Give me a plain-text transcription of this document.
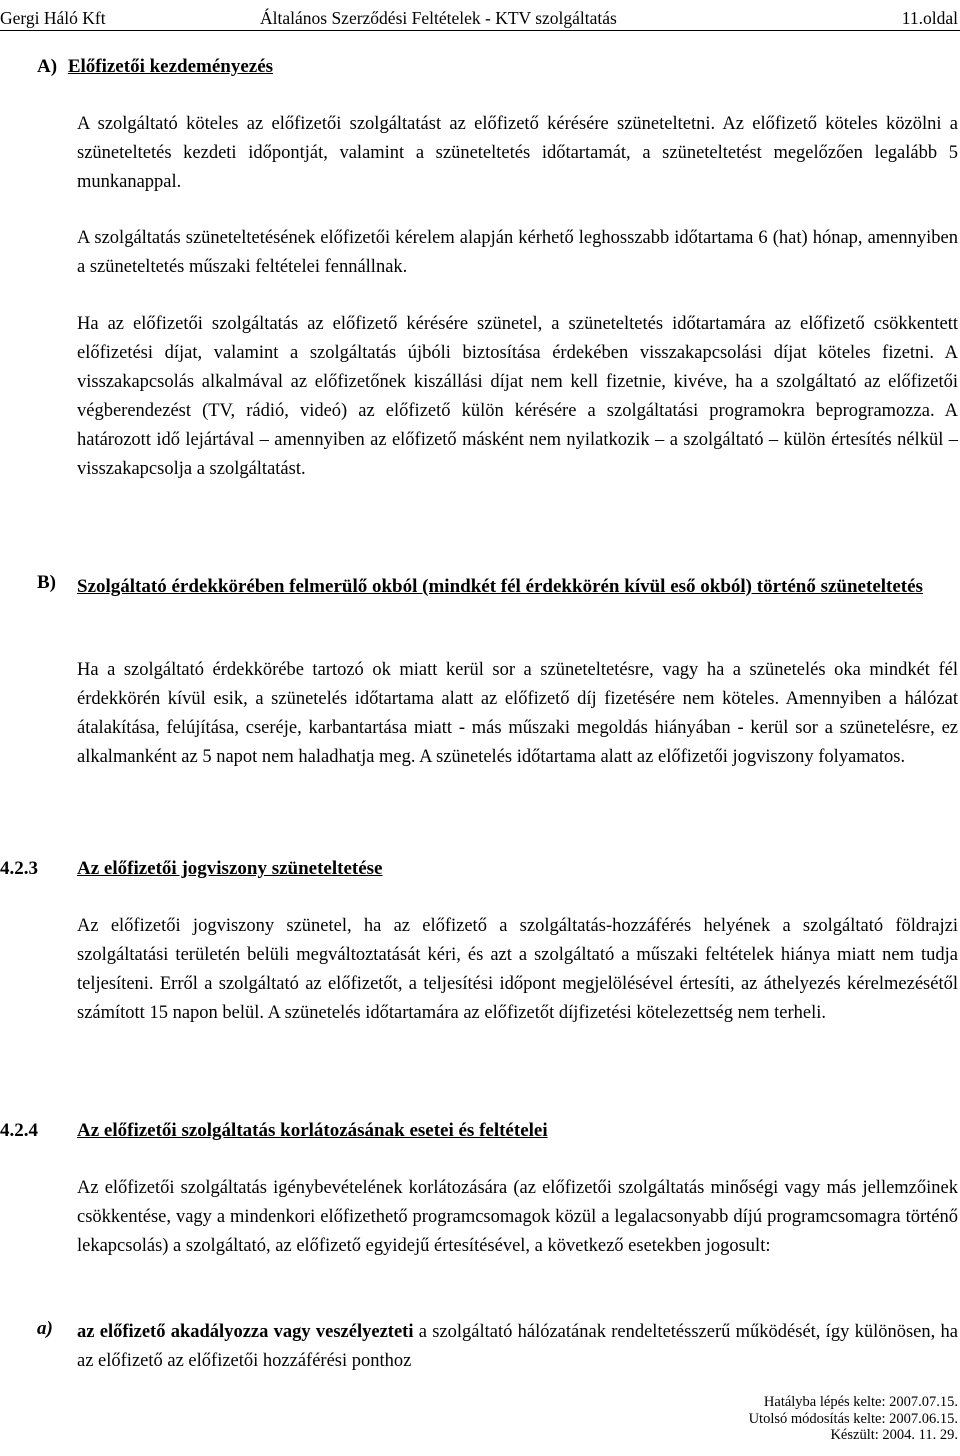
Gergi Háló Kft	Általános Szerződési Feltételek - KTV szolgáltatás	11.oldal

A) Előfizetői kezdeményezés

A szolgáltató köteles az előfizetői szolgáltatást az előfizető kérésére szüneteltetni. Az előfizető köteles közölni a szüneteltetés kezdeti időpontját, valamint a szüneteltetés időtartamát, a szüneteltetést megelőzően legalább 5 munkanappal.

A szolgáltatás szüneteltetésének előfizetői kérelem alapján kérhető leghosszabb időtartama 6 (hat) hónap, amennyiben a szüneteltetés műszaki feltételei fennállnak.

Ha az előfizetői szolgáltatás az előfizető kérésére szünetel, a szüneteltetés időtartamára az előfizető csökkentett előfizetési díjat, valamint a szolgáltatás újbóli biztosítása érdekében visszakapcsolási díjat köteles fizetni. A visszakapcsolás alkalmával az előfizetőnek kiszállási díjat nem kell fizetnie, kivéve, ha a szolgáltató az előfizetői végberendezést (TV, rádió, videó) az előfizető külön kérésére a szolgáltatási programokra beprogramozza. A határozott idő lejártával – amennyiben az előfizető másként nem nyilatkozik – a szolgáltató – külön értesítés nélkül – visszakapcsolja a szolgáltatást.

B) Szolgáltató érdekkörében felmerülő okból (mindkét fél érdekkörén kívül eső okból) történő szüneteltetés

Ha a szolgáltató érdekkörébe tartozó ok miatt kerül sor a szüneteltetésre, vagy ha a szünetelés oka mindkét fél érdekkörén kívül esik, a szünetelés időtartama alatt az előfizető díj fizetésére nem köteles. Amennyiben a hálózat átalakítása, felújítása, cseréje, karbantartása miatt - más műszaki megoldás hiányában - kerül sor a szünetelésre, ez alkalmanként az 5 napot nem haladhatja meg. A szünetelés időtartama alatt az előfizetői jogviszony folyamatos.

4.2.3 Az előfizetői jogviszony szüneteltetése

Az előfizetői jogviszony szünetel, ha az előfizető a szolgáltatás-hozzáférés helyének a szolgáltató földrajzi szolgáltatási területén belüli megváltoztatását kéri, és azt a szolgáltató a műszaki feltételek hiánya miatt nem tudja teljesíteni. Erről a szolgáltató az előfizetőt, a teljesítési időpont megjelölésével értesíti, az áthelyezés kérelmezésétől számított 15 napon belül. A szünetelés időtartamára az előfizetőt díjfizetési kötelezettség nem terheli.

4.2.4 Az előfizetői szolgáltatás korlátozásának esetei és feltételei

Az előfizetői szolgáltatás igénybevételének korlátozására (az előfizetői szolgáltatás minőségi vagy más jellemzőinek csökkentése, vagy a mindenkori előfizethető programcsomagok közül a legalacsonyabb díjú programcsomagra történő lekapcsolás) a szolgáltató, az előfizető egyidejű értesítésével, a következő esetekben jogosult:

a) az előfizető akadályozza vagy veszélyezteti a szolgáltató hálózatának rendeltetésszerű működését, így különösen, ha az előfizető az előfizetői hozzáférési ponthoz

Hatályba lépés kelte: 2007.07.15.
Utolsó módosítás kelte: 2007.06.15.
Készült: 2004. 11. 29.
